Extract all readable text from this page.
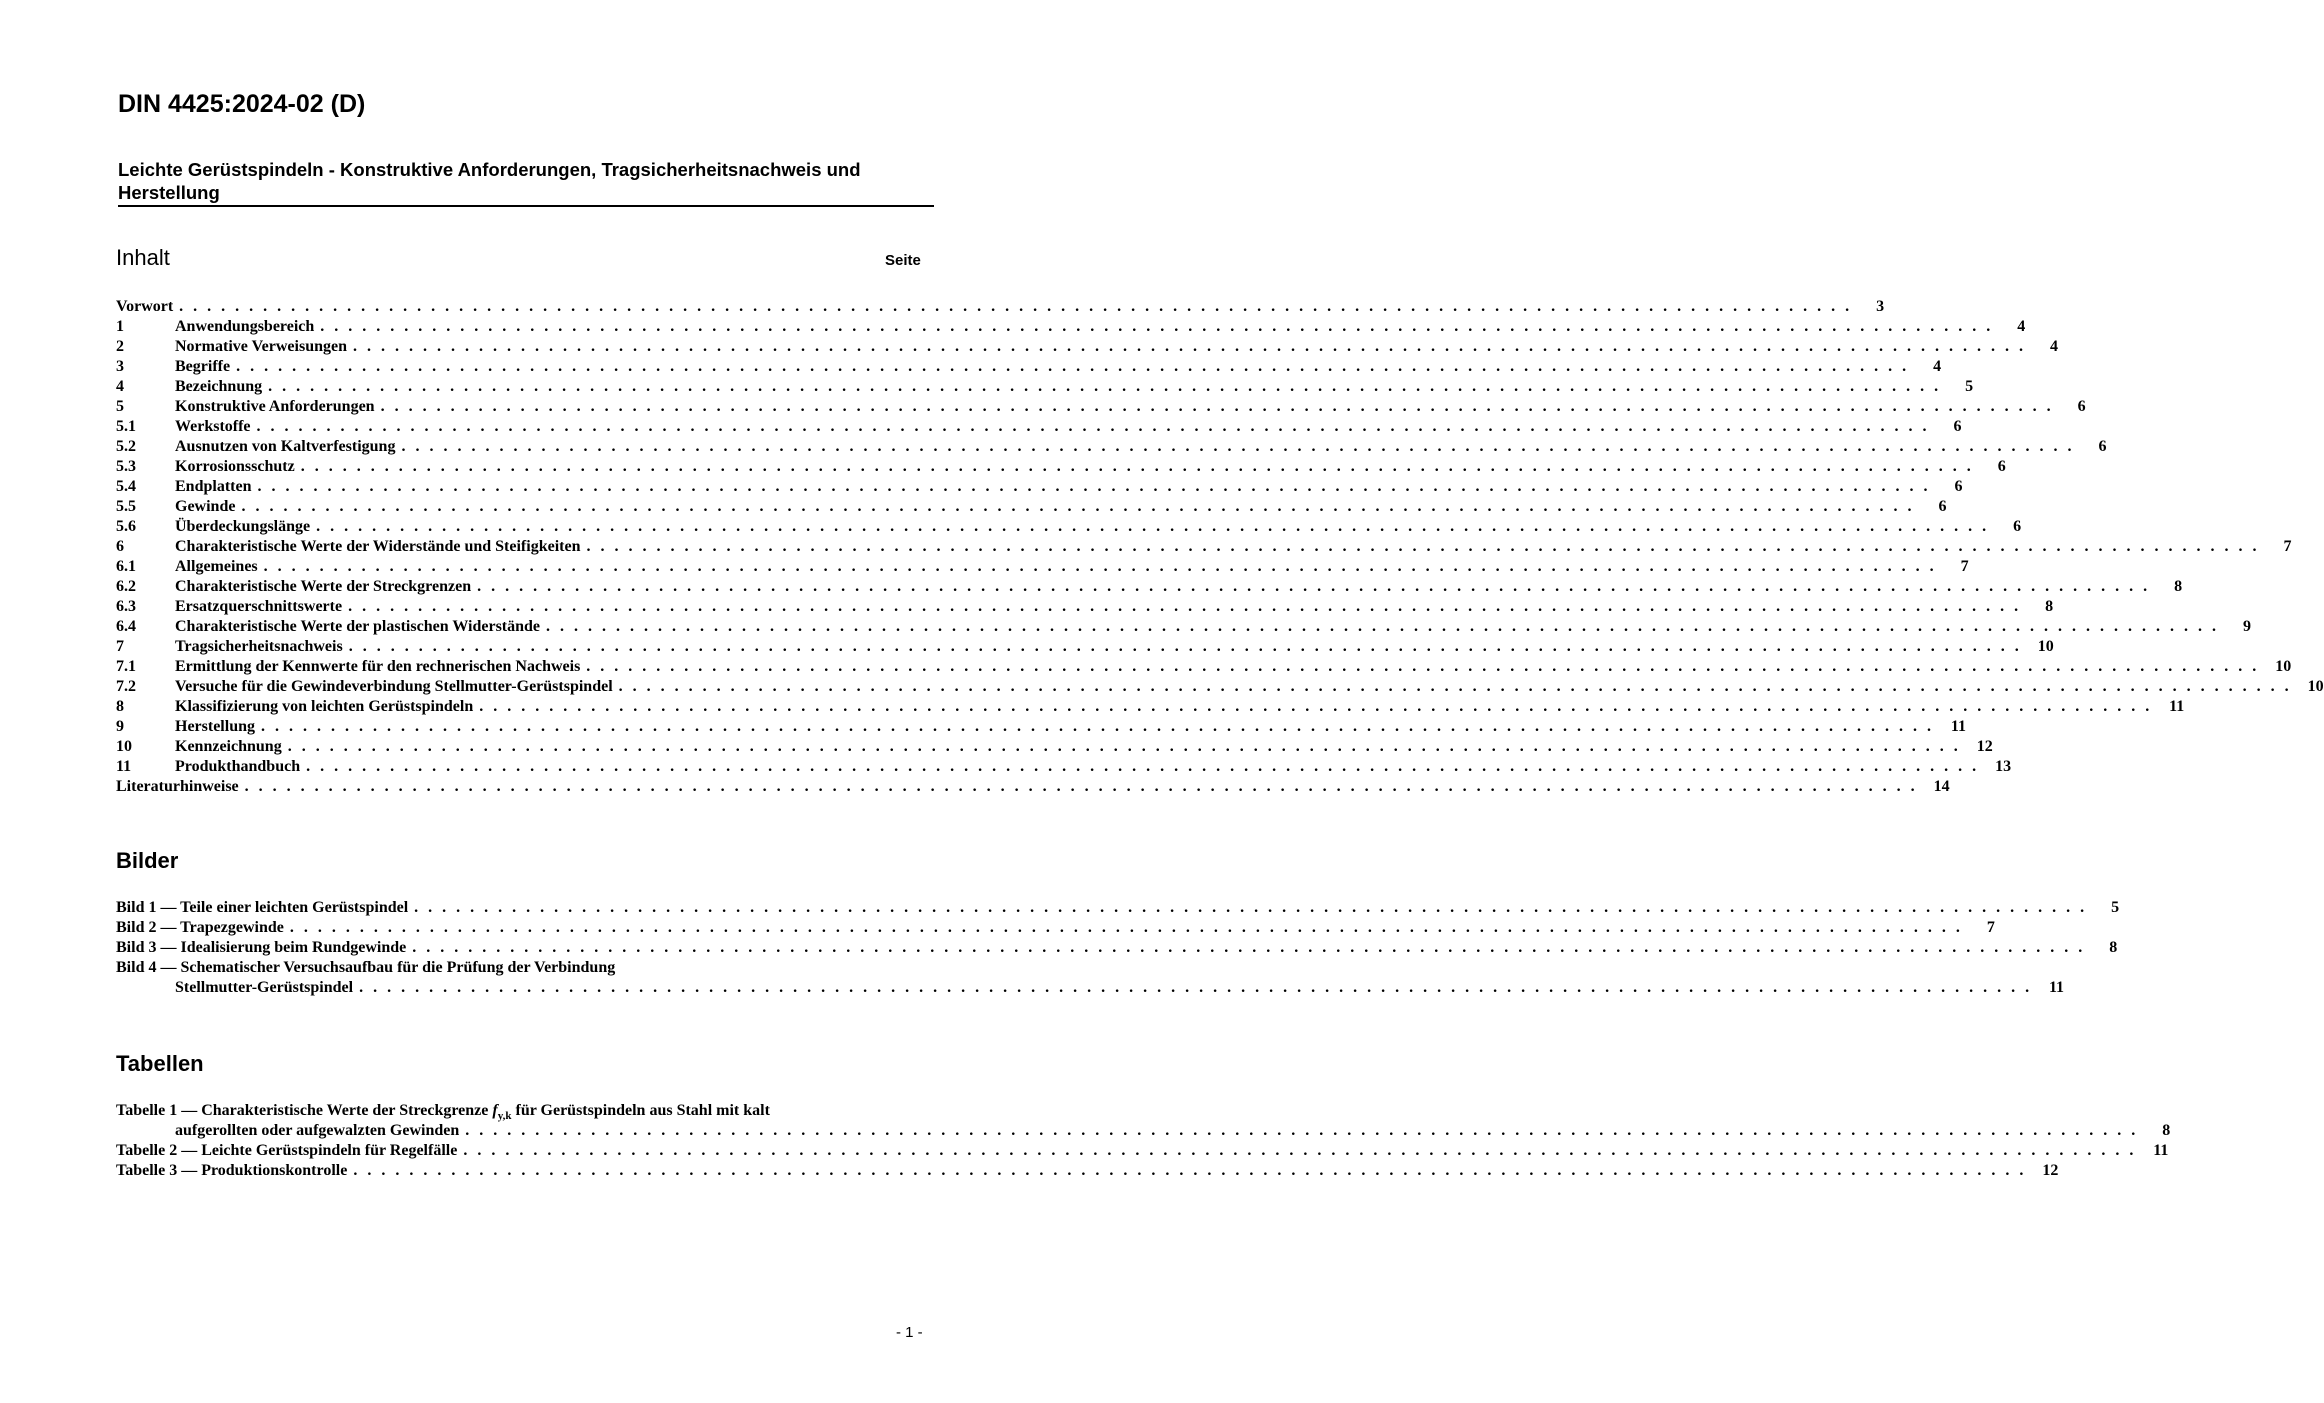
DIN 4425:2024-02 (D)
Leichte Gerüstspindeln - Konstruktive Anforderungen, Tragsicherheitsnachweis und Herstellung
Inhalt	Seite
Vorwort . . . . . . . . . . . . . . . . . . . . . . . . . . . . . . . . . . . . . . . . . . . . . . . . . . . . . . . . . . . . . . . . . . . . . . . . . . . . . . . . . . . . . . . . . . . . . . . . . . . . . . . . . . . . . . . . . . . . . . . .	3
1	Anwendungsbereich . . . . . . . . . . . . . . . . . . . . . . . . . . . . . . . . . . . . . . . . . . . . . . . . . . . . . . . . . . . . . . . . . . . . . . . . . . . . . . . . . . . . . . . . . . . . . . . . . . . . . . . . . . . . . . . . . . . . . . . .	4
2	Normative Verweisungen . . . . . . . . . . . . . . . . . . . . . . . . . . . . . . . . . . . . . . . . . . . . . . . . . . . . . . . . . . . . . . . . . . . . . . . . . . . . . . . . . . . . . . . . . . . . . . . . . . . . . . . . . . . . . . . . . . . . . . . .	4
3	Begriffe . . . . . . . . . . . . . . . . . . . . . . . . . . . . . . . . . . . . . . . . . . . . . . . . . . . . . . . . . . . . . . . . . . . . . . . . . . . . . . . . . . . . . . . . . . . . . . . . . . . . . . . . . . . . . . . . . . . . . . . .	4
4	Bezeichnung . . . . . . . . . . . . . . . . . . . . . . . . . . . . . . . . . . . . . . . . . . . . . . . . . . . . . . . . . . . . . . . . . . . . . . . . . . . . . . . . . . . . . . . . . . . . . . . . . . . . . . . . . . . . . . . . . . . . . . . .	5
5	Konstruktive Anforderungen . . . . . . . . . . . . . . . . . . . . . . . . . . . . . . . . . . . . . . . . . . . . . . . . . . . . . . . . . . . . . . . . . . . . . . . . . . . . . . . . . . . . . . . . . . . . . . . . . . . . . . . . . . . . . . . . . . . . . . . .	6
5.1	Werkstoffe . . . . . . . . . . . . . . . . . . . . . . . . . . . . . . . . . . . . . . . . . . . . . . . . . . . . . . . . . . . . . . . . . . . . . . . . . . . . . . . . . . . . . . . . . . . . . . . . . . . . . . . . . . . . . . . . . . . . . . . .	6
5.2	Ausnutzen von Kaltverfestigung . . . . . . . . . . . . . . . . . . . . . . . . . . . . . . . . . . . . . . . . . . . . . . . . . . . . . . . . . . . . . . . . . . . . . . . . . . . . . . . . . . . . . . . . . . . . . . . . . . . . . . . . . . . . . . . . . . . . . . . .	6
5.3	Korrosionsschutz . . . . . . . . . . . . . . . . . . . . . . . . . . . . . . . . . . . . . . . . . . . . . . . . . . . . . . . . . . . . . . . . . . . . . . . . . . . . . . . . . . . . . . . . . . . . . . . . . . . . . . . . . . . . . . . . . . . . . . . .	6
5.4	Endplatten . . . . . . . . . . . . . . . . . . . . . . . . . . . . . . . . . . . . . . . . . . . . . . . . . . . . . . . . . . . . . . . . . . . . . . . . . . . . . . . . . . . . . . . . . . . . . . . . . . . . . . . . . . . . . . . . . . . . . . . .	6
5.5	Gewinde . . . . . . . . . . . . . . . . . . . . . . . . . . . . . . . . . . . . . . . . . . . . . . . . . . . . . . . . . . . . . . . . . . . . . . . . . . . . . . . . . . . . . . . . . . . . . . . . . . . . . . . . . . . . . . . . . . . . . . . .	6
5.6	Überdeckungslänge . . . . . . . . . . . . . . . . . . . . . . . . . . . . . . . . . . . . . . . . . . . . . . . . . . . . . . . . . . . . . . . . . . . . . . . . . . . . . . . . . . . . . . . . . . . . . . . . . . . . . . . . . . . . . . . . . . . . . . . .	6
6	Charakteristische Werte der Widerstände und Steifigkeiten . . . . . . . . . . . . . . . . . . . . . . . . . . . . . . . . . . . . . . . . . . . . . . . . . . . . . . . . . . . . . . . . . . . . . . . . . . . . . . . . . . . . . . . . . . . . . . . . . . . . . . . . . . . . . . . . . . . . . . . .	7
6.1	Allgemeines . . . . . . . . . . . . . . . . . . . . . . . . . . . . . . . . . . . . . . . . . . . . . . . . . . . . . . . . . . . . . . . . . . . . . . . . . . . . . . . . . . . . . . . . . . . . . . . . . . . . . . . . . . . . . . . . . . . . . . . .	7
6.2	Charakteristische Werte der Streckgrenzen . . . . . . . . . . . . . . . . . . . . . . . . . . . . . . . . . . . . . . . . . . . . . . . . . . . . . . . . . . . . . . . . . . . . . . . . . . . . . . . . . . . . . . . . . . . . . . . . . . . . . . . . . . . . . . . . . . . . . . . .	8
6.3	Ersatzquerschnittswerte . . . . . . . . . . . . . . . . . . . . . . . . . . . . . . . . . . . . . . . . . . . . . . . . . . . . . . . . . . . . . . . . . . . . . . . . . . . . . . . . . . . . . . . . . . . . . . . . . . . . . . . . . . . . . . . . . . . . . . . .	8
6.4	Charakteristische Werte der plastischen Widerstände . . . . . . . . . . . . . . . . . . . . . . . . . . . . . . . . . . . . . . . . . . . . . . . . . . . . . . . . . . . . . . . . . . . . . . . . . . . . . . . . . . . . . . . . . . . . . . . . . . . . . . . . . . . . . . . . . . . . . . . .	9
7	Tragsicherheitsnachweis . . . . . . . . . . . . . . . . . . . . . . . . . . . . . . . . . . . . . . . . . . . . . . . . . . . . . . . . . . . . . . . . . . . . . . . . . . . . . . . . . . . . . . . . . . . . . . . . . . . . . . . . . . . . . . . . . . . . . . . .	10
7.1	Ermittlung der Kennwerte für den rechnerischen Nachweis . . . . . . . . . . . . . . . . . . . . . . . . . . . . . . . . . . . . . . . . . . . . . . . . . . . . . . . . . . . . . . . . . . . . . . . . . . . . . . . . . . . . . . . . . . . . . . . . . . . . . . . . . . . . . . . . . . . . . . . .	10
7.2	Versuche für die Gewindeverbindung Stellmutter-Gerüstspindel . . . . . . . . . . . . . . . . . . . . . . . . . . . . . . . . . . . . . . . . . . . . . . . . . . . . . . . . . . . . . . . . . . . . . . . . . . . . . . . . . . . . . . . . . . . . . . . . . . . . . . . . . . . . . . . . . . . . . . . .	10
8	Klassifizierung von leichten Gerüstspindeln . . . . . . . . . . . . . . . . . . . . . . . . . . . . . . . . . . . . . . . . . . . . . . . . . . . . . . . . . . . . . . . . . . . . . . . . . . . . . . . . . . . . . . . . . . . . . . . . . . . . . . . . . . . . . . . . . . . . . . . .	11
9	Herstellung . . . . . . . . . . . . . . . . . . . . . . . . . . . . . . . . . . . . . . . . . . . . . . . . . . . . . . . . . . . . . . . . . . . . . . . . . . . . . . . . . . . . . . . . . . . . . . . . . . . . . . . . . . . . . . . . . . . . . . . .	11
10	Kennzeichnung . . . . . . . . . . . . . . . . . . . . . . . . . . . . . . . . . . . . . . . . . . . . . . . . . . . . . . . . . . . . . . . . . . . . . . . . . . . . . . . . . . . . . . . . . . . . . . . . . . . . . . . . . . . . . . . . . . . . . . . .	12
11	Produkthandbuch . . . . . . . . . . . . . . . . . . . . . . . . . . . . . . . . . . . . . . . . . . . . . . . . . . . . . . . . . . . . . . . . . . . . . . . . . . . . . . . . . . . . . . . . . . . . . . . . . . . . . . . . . . . . . . . . . . . . . . . .	13
Literaturhinweise . . . . . . . . . . . . . . . . . . . . . . . . . . . . . . . . . . . . . . . . . . . . . . . . . . . . . . . . . . . . . . . . . . . . . . . . . . . . . . . . . . . . . . . . . . . . . . . . . . . . . . . . . . . . . . . . . . . . . . . .	14
Bilder
Bild 1 — Teile einer leichten Gerüstspindel . . . . . . . . . . . . . . . . . . . . . . . . . . . . . . . . . . . . . . . . . . . . . . . . . . . . . . . . . . . . . . . . . . . . . . . . . . . . . . . . . . . . . . . . . . . . . . . . . . . . . . . . . . . . . . . . . . . . . . . .	5
Bild 2 — Trapezgewinde . . . . . . . . . . . . . . . . . . . . . . . . . . . . . . . . . . . . . . . . . . . . . . . . . . . . . . . . . . . . . . . . . . . . . . . . . . . . . . . . . . . . . . . . . . . . . . . . . . . . . . . . . . . . . . . . . . . . . . . .	7
Bild 3 — Idealisierung beim Rundgewinde . . . . . . . . . . . . . . . . . . . . . . . . . . . . . . . . . . . . . . . . . . . . . . . . . . . . . . . . . . . . . . . . . . . . . . . . . . . . . . . . . . . . . . . . . . . . . . . . . . . . . . . . . . . . . . . . . . . . . . . .	8
Bild 4 — Schematischer Versuchsaufbau für die Prüfung der Verbindung
Stellmutter-Gerüstspindel . . . . . . . . . . . . . . . . . . . . . . . . . . . . . . . . . . . . . . . . . . . . . . . . . . . . . . . . . . . . . . . . . . . . . . . . . . . . . . . . . . . . . . . . . . . . . . . . . . . . . . . . . . . . . . . . . . . . . . . .	11
Tabellen
Tabelle 1 — Charakteristische Werte der Streckgrenze $f_{y,k}$ für Gerüstspindeln aus Stahl mit kalt
aufgerollten oder aufgewalzten Gewinden . . . . . . . . . . . . . . . . . . . . . . . . . . . . . . . . . . . . . . . . . . . . . . . . . . . . . . . . . . . . . . . . . . . . . . . . . . . . . . . . . . . . . . . . . . . . . . . . . . . . . . . . . . . . . . . . . . . . . . . .	8
Tabelle 2 — Leichte Gerüstspindeln für Regelfälle . . . . . . . . . . . . . . . . . . . . . . . . . . . . . . . . . . . . . . . . . . . . . . . . . . . . . . . . . . . . . . . . . . . . . . . . . . . . . . . . . . . . . . . . . . . . . . . . . . . . . . . . . . . . . . . . . . . . . . . .	11
Tabelle 3 — Produktionskontrolle . . . . . . . . . . . . . . . . . . . . . . . . . . . . . . . . . . . . . . . . . . . . . . . . . . . . . . . . . . . . . . . . . . . . . . . . . . . . . . . . . . . . . . . . . . . . . . . . . . . . . . . . . . . . . . . . . . . . . . . .	12
- 1 -
